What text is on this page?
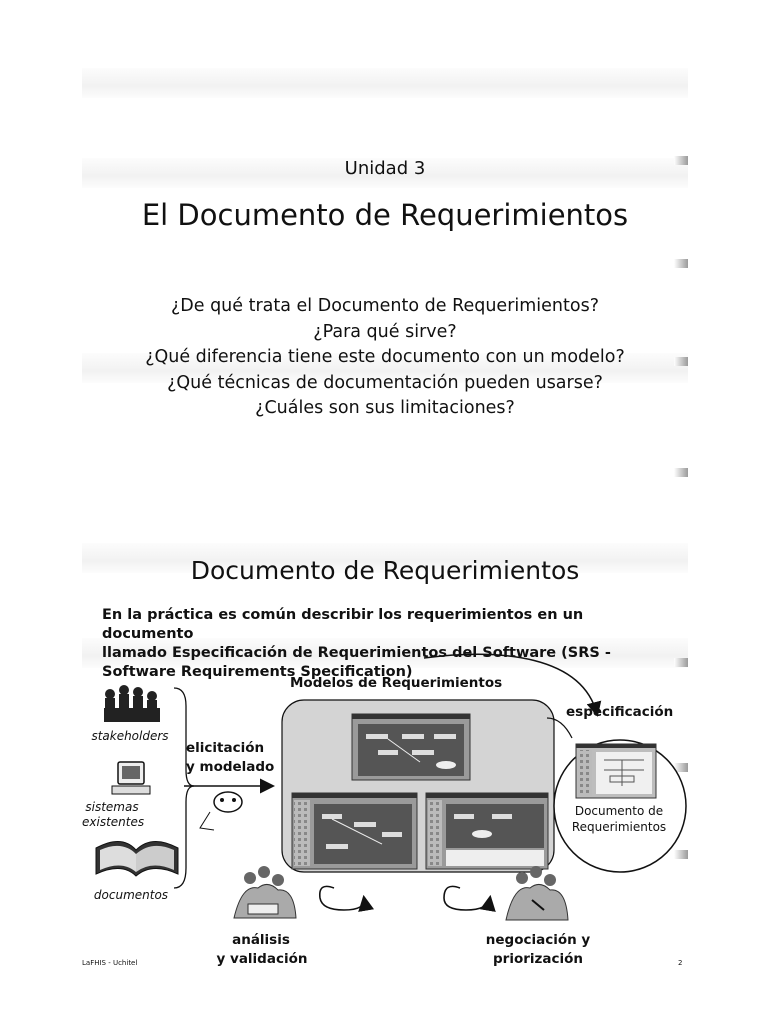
Unidad 3
El Documento de Requerimientos
¿De qué trata el Documento de Requerimientos?
¿Para qué sirve?
¿Qué diferencia tiene este documento con un modelo?
¿Qué técnicas de documentación pueden usarse?
¿Cuáles son sus limitaciones?
Documento de Requerimientos
En la práctica es común describir los requerimientos en un documento
llamado Especificación de Requerimientos del Software (SRS -
Software Requirements Specification)
Modelos de Requerimientos
especificación
elicitación
y modelado
stakeholders
sistemas
existentes
documentos
Documento de
Requerimientos
análisis
y validación
negociación y
priorización
LaFHIS - Uchitel	2
